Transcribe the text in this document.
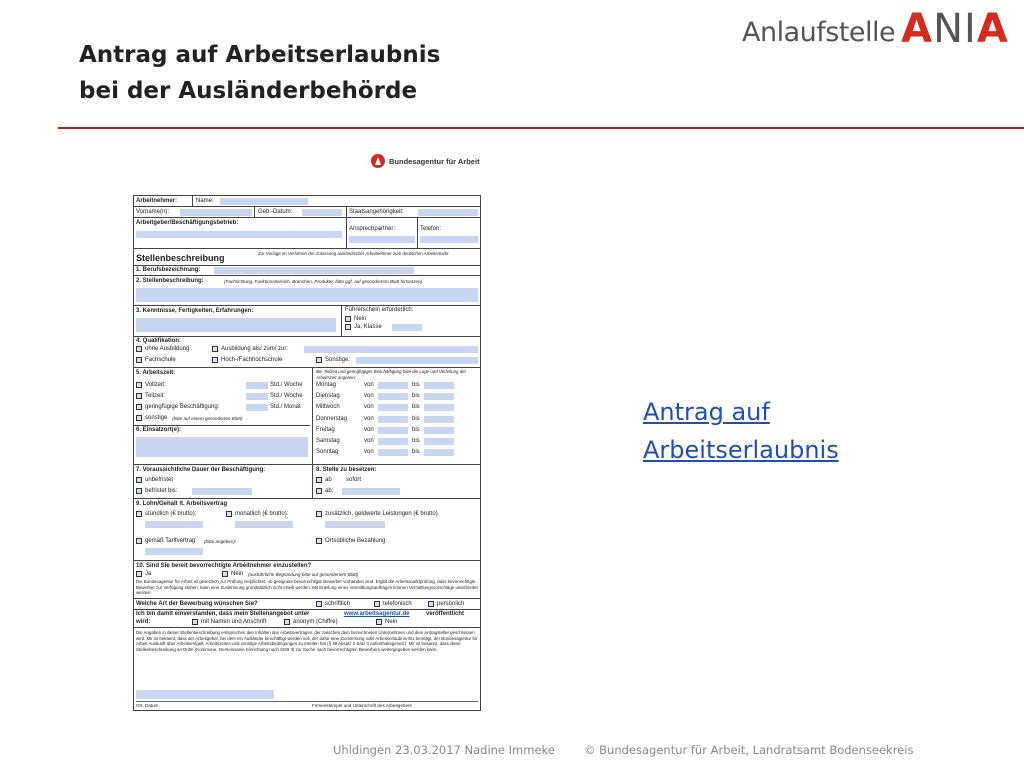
Antrag auf Arbeitserlaubnis
bei der Ausländerbehörde
Anlaufstelle ANIA
Bundesagentur für Arbeit
Arbeitnehmer:	Name:
Vorname(n):	Geb.-Datum:	Staatsangehörigkeit:
Arbeitgeber/Beschäftigungsbetrieb:
Ansprechpartner:	Telefon:
Stellenbeschreibung	Zur Vorlage im Verfahren der Zulassung ausländischer Arbeitnehmer zum deutschen Arbeitsmarkt
1. Berufsbezeichnung:
2. Stellenbeschreibung:	(Fachrichtung, Funktionsbereich, Branchen, Produkte; bitte ggf. auf gesondertem Blatt fortsetzen)
3. Kenntnisse, Fertigkeiten, Erfahrungen:	Führerschein erforderlich:
Nein
Ja, Klasse
4. Qualifikation:
ohne Ausbildung	Ausbildung als/ zum/ zur:
Fachschule	Hoch-/Fachhochschule	Sonstige:
5. Arbeitszeit:
Vollzeit:	Std./ Woche
Teilzeit:	Std./ Woche
geringfügige Beschäftigung:	Std./ Monat
sonstige (bitte auf einem gesonderten Blatt)
6. Einsatzort(e):
Bei Teilzeit und geringfügiger Beschäftigung bitte die Lage und Verteilung der Arbeitszeit angeben:
Montag	von	bis
Dienstag	von	bis
Mittwoch	von	bis
Donnerstag	von	bis
Freitag	von	bis
Samstag	von	bis
Sonntag	von	bis
7. Voraussichtliche Dauer der Beschäftigung:
unbefristet
befristet bis:
8. Stelle zu besetzen:
ab sofort
ab:
9. Lohn/Gehalt lt. Arbeitsvertrag
stündlich (€ brutto):	monatlich (€ brutto):	zusätzlich, geldwerte Leistungen (€ brutto)
gemäß Tarifvertrag (bitte angeben):	Ortsübliche Bezahlung
10. Sind Sie bereit bevorrechtigte Arbeitnehmer einzustellen?
Ja	Nein (ausführliche Begründung bitte auf gesondertem Blatt)
Die Bundesagentur für Arbeit ist gesetzlich zur Prüfung verpflichtet, ob geeignete bevorrechtigte Bewerber vorhanden sind. Ergibt die Arbeitsmarktprüfung, dass bevorrechtigte Bewerber zur Verfügung stehen, kann eine Zustimmung grundsätzlich nicht erteilt werden. Mit Erteilung eines Vermittlungsauftrages können Vermittlungsvorschläge unterbreitet werden.
Welche Art der Bewerbung wünschen Sie?	schriftlich	telefonisch	persönlich
Ich bin damit einverstanden, dass mein Stellenangebot unter	www.arbeitsagentur.de	veröffentlicht
wird:	mit Namen und Anschrift	anonym (Chiffre)	Nein
Die Angaben in dieser Stellenbeschreibung entsprechen den Inhalten des Arbeitsvertrages, der zwischen dem bezeichneten Unternehmen und dem Antragsteller geschlossen wird. Mir ist bekannt, dass der Arbeitgeber, bei dem ein Ausländer beschäftigt werden soll, der dafür eine Zustimmung oder Arbeitserlaubnis-EU benötigt, der Bundesagentur für Arbeit Auskunft über Arbeitsentgelt, Arbeitszeiten und sonstige Arbeitsbedingungen zu erteilen hat (§ 39 Absatz 2 Satz 3 Aufenthaltsgesetz). Mir ist bekannt, dass diese Stellenbeschreibung an Dritte (Kommune, Gemeinsame Einrichtung nach SGB II) zur Suche nach bevorrechtigten Bewerbern weitergegeben werden kann.
Ort, Datum	Firmenstempel und Unterschrift des Arbeitgebers
Antrag auf
Arbeitserlaubnis
Uhldingen 23.03.2017 Nadine Immeke	© Bundesagentur für Arbeit, Landratsamt Bodenseekreis
